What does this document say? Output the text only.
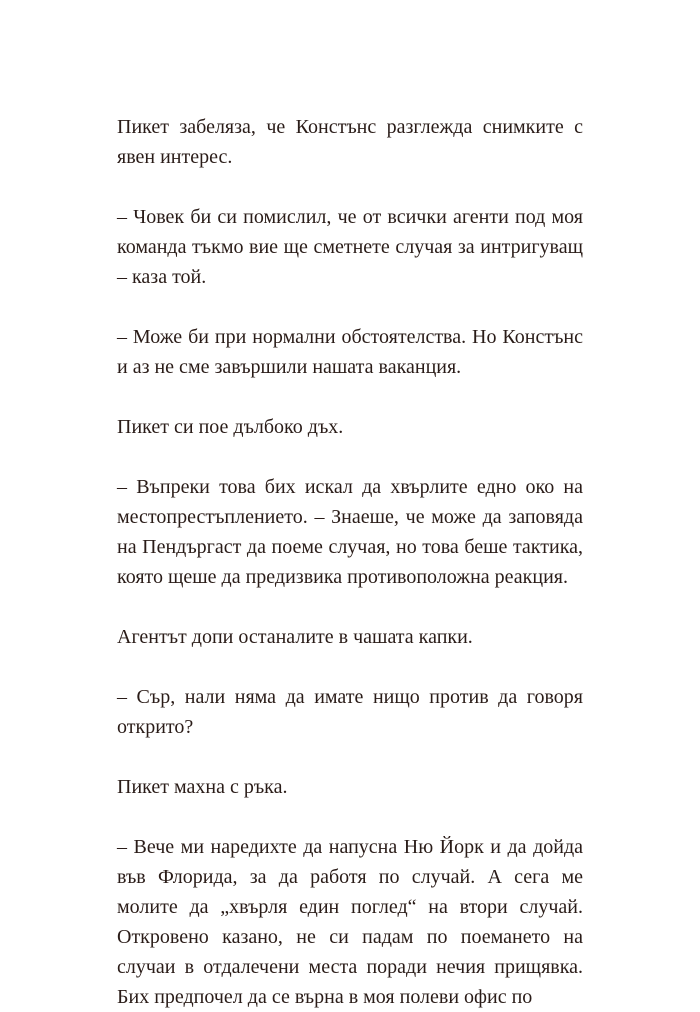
Пикет забеляза, че Констънс разглежда снимките с явен интерес.

– Човек би си помислил, че от всички агенти под моя команда тъкмо вие ще сметнете случая за интригуващ – каза той.

– Може би при нормални обстоятелства. Но Констънс и аз не сме завършили нашата ваканция.

Пикет си пое дълбоко дъх.

– Въпреки това бих искал да хвърлите едно око на местопрестъплението. – Знаеше, че може да заповяда на Пендъргаст да поеме случая, но това беше тактика, която щеше да предизвика противоположна реакция.

Агентът допи останалите в чашата капки.

– Сър, нали няма да имате нищо против да говоря открито?

Пикет махна с ръка.

– Вече ми наредихте да напусна Ню Йорк и да дойда във Флорида, за да работя по случай. А сега ме молите да „хвърля един поглед“ на втори случай. Откровено казано, не си падам по поемането на случаи в отдалечени места поради нечия прищявка. Бих предпочел да се върна в моя полеви офис по
